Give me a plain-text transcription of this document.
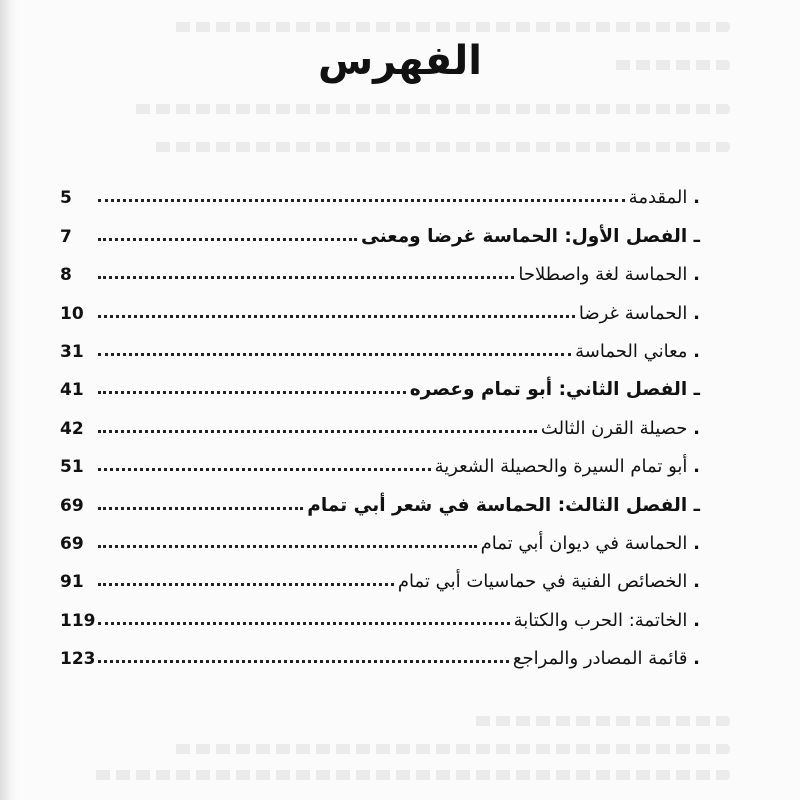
الفهرس
5	. المقدمة
7	ـ الفصل الأول: الحماسة غرضا ومعنى
8	. الحماسة لغة واصطلاحا
10	. الحماسة غرضا
31	. معاني الحماسة
41	ـ الفصل الثاني: أبو تمام وعصره
42	. حصيلة القرن الثالث
51	. أبو تمام السيرة والحصيلة الشعرية
69	ـ الفصل الثالث: الحماسة في شعر أبي تمام
69	. الحماسة في ديوان أبي تمام
91	. الخصائص الفنية في حماسيات أبي تمام
119	. الخاتمة: الحرب والكتابة
123	. قائمة المصادر والمراجع
